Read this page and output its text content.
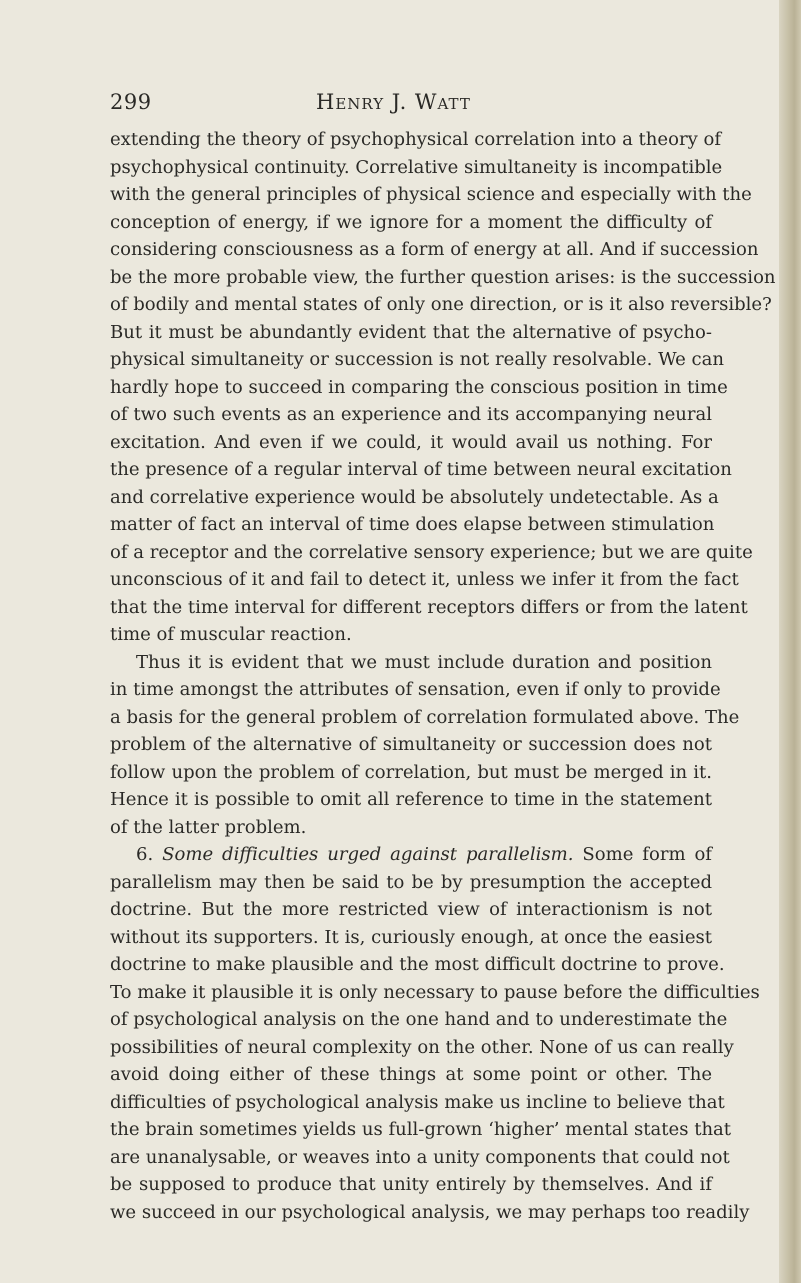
299	Henry J. Watt
extending the theory of psychophysical correlation into a theory of
psychophysical continuity. Correlative simultaneity is incompatible
with the general principles of physical science and especially with the
conception of energy, if we ignore for a moment the difficulty of
considering consciousness as a form of energy at all. And if succession
be the more probable view, the further question arises: is the succession
of bodily and mental states of only one direction, or is it also reversible?
But it must be abundantly evident that the alternative of psycho-
physical simultaneity or succession is not really resolvable. We can
hardly hope to succeed in comparing the conscious position in time
of two such events as an experience and its accompanying neural
excitation. And even if we could, it would avail us nothing. For
the presence of a regular interval of time between neural excitation
and correlative experience would be absolutely undetectable. As a
matter of fact an interval of time does elapse between stimulation
of a receptor and the correlative sensory experience; but we are quite
unconscious of it and fail to detect it, unless we infer it from the fact
that the time interval for different receptors differs or from the latent
time of muscular reaction.
Thus it is evident that we must include duration and position
in time amongst the attributes of sensation, even if only to provide
a basis for the general problem of correlation formulated above. The
problem of the alternative of simultaneity or succession does not
follow upon the problem of correlation, but must be merged in it.
Hence it is possible to omit all reference to time in the statement
of the latter problem.
6. Some difficulties urged against parallelism. Some form of
parallelism may then be said to be by presumption the accepted
doctrine. But the more restricted view of interactionism is not
without its supporters. It is, curiously enough, at once the easiest
doctrine to make plausible and the most difficult doctrine to prove.
To make it plausible it is only necessary to pause before the difficulties
of psychological analysis on the one hand and to underestimate the
possibilities of neural complexity on the other. None of us can really
avoid doing either of these things at some point or other. The
difficulties of psychological analysis make us incline to believe that
the brain sometimes yields us full-grown ‘higher’ mental states that
are unanalysable, or weaves into a unity components that could not
be supposed to produce that unity entirely by themselves. And if
we succeed in our psychological analysis, we may perhaps too readily
